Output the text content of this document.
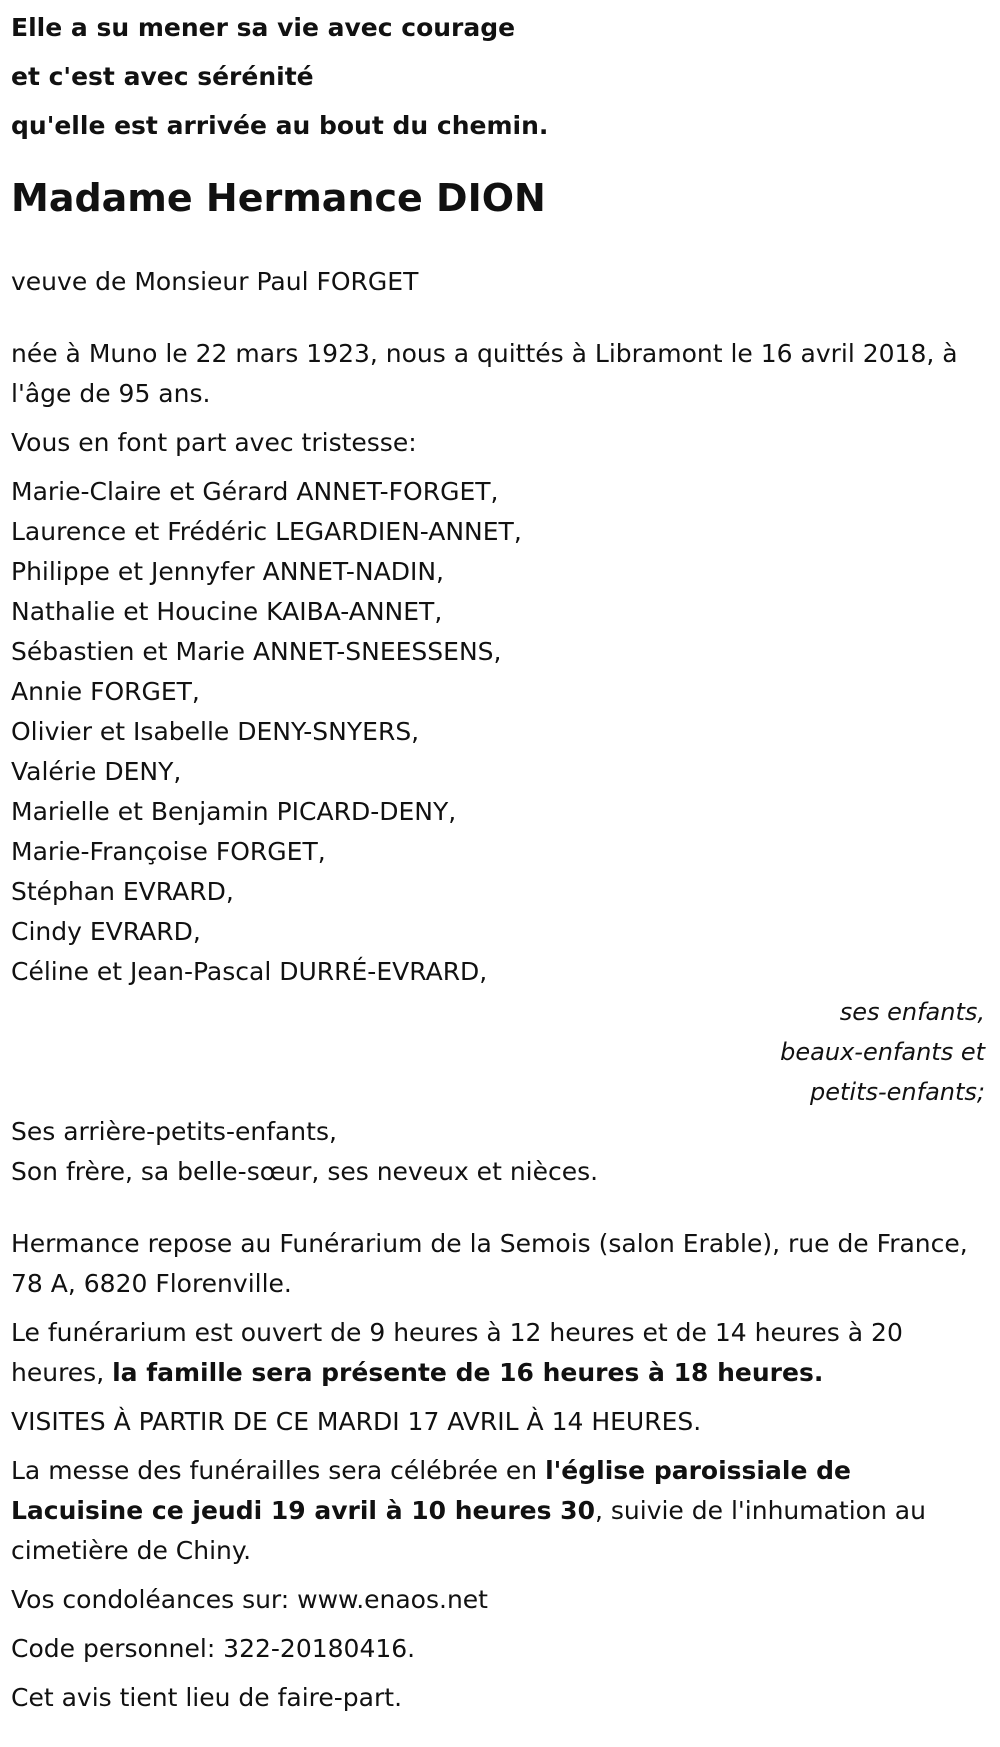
Elle a su mener sa vie avec courage

et c'est avec sérénité

qu'elle est arrivée au bout du chemin.

Madame Hermance DION

veuve de Monsieur Paul FORGET

née à Muno le 22 mars 1923, nous a quittés à Libramont le 16 avril 2018, à l'âge de 95 ans.

Vous en font part avec tristesse:

Marie-Claire et Gérard ANNET-FORGET,
Laurence et Frédéric LEGARDIEN-ANNET,
Philippe et Jennyfer ANNET-NADIN,
Nathalie et Houcine KAIBA-ANNET,
Sébastien et Marie ANNET-SNEESSENS,
Annie FORGET,
Olivier et Isabelle DENY-SNYERS,
Valérie DENY,
Marielle et Benjamin PICARD-DENY,
Marie-Françoise FORGET,
Stéphan EVRARD,
Cindy EVRARD,
Céline et Jean-Pascal DURRÉ-EVRARD,

ses enfants, beaux-enfants et petits-enfants;

Ses arrière-petits-enfants,

Son frère, sa belle-sœur, ses neveux et nièces.

Hermance repose au Funérarium de la Semois (salon Erable), rue de France, 78 A, 6820 Florenville.

Le funérarium est ouvert de 9 heures à 12 heures et de 14 heures à 20 heures, la famille sera présente de 16 heures à 18 heures.

VISITES À PARTIR DE CE MARDI 17 AVRIL À 14 HEURES.

La messe des funérailles sera célébrée en l'église paroissiale de Lacuisine ce jeudi 19 avril à 10 heures 30, suivie de l'inhumation au cimetière de Chiny.

Vos condoléances sur: www.enaos.net

Code personnel: 322-20180416.

Cet avis tient lieu de faire-part.
